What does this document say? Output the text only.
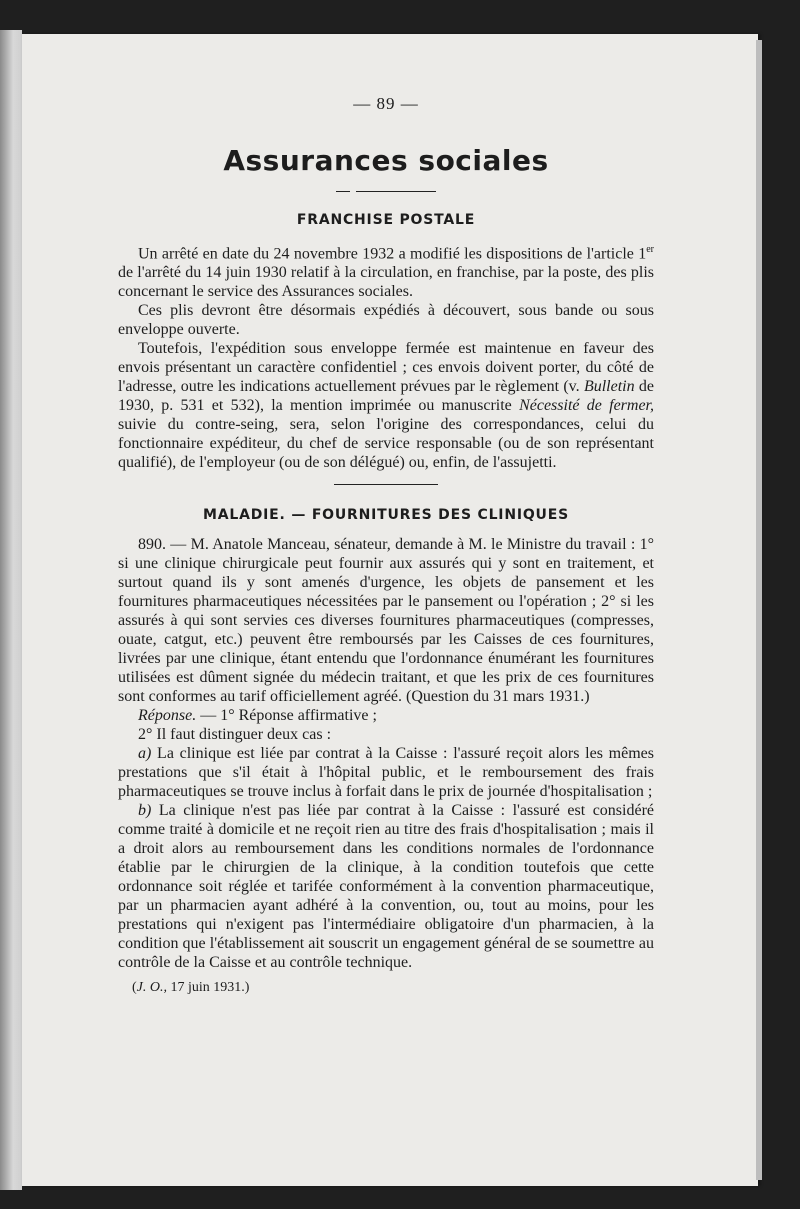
— 89 —
Assurances sociales
FRANCHISE POSTALE

Un arrêté en date du 24 novembre 1932 a modifié les dispositions de l'article 1er de l'arrêté du 14 juin 1930 relatif à la circulation, en franchise, par la poste, des plis concernant le service des Assurances sociales.

Ces plis devront être désormais expédiés à découvert, sous bande ou sous enveloppe ouverte.

Toutefois, l'expédition sous enveloppe fermée est maintenue en faveur des envois présentant un caractère confidentiel ; ces envois doivent porter, du côté de l'adresse, outre les indications actuellement prévues par le règlement (v. Bulletin de 1930, p. 531 et 532), la mention imprimée ou manuscrite Nécessité de fermer, suivie du contre-seing, sera, selon l'origine des correspondances, celui du fonctionnaire expéditeur, du chef de service responsable (ou de son représentant qualifié), de l'employeur (ou de son délégué) ou, enfin, de l'assujetti.

MALADIE. — FOURNITURES DES CLINIQUES

890. — M. Anatole Manceau, sénateur, demande à M. le Ministre du travail : 1° si une clinique chirurgicale peut fournir aux assurés qui y sont en traitement, et surtout quand ils y sont amenés d'urgence, les objets de pansement et les fournitures pharmaceutiques nécessitées par le pansement ou l'opération ; 2° si les assurés à qui sont servies ces diverses fournitures pharmaceutiques (compresses, ouate, catgut, etc.) peuvent être remboursés par les Caisses de ces fournitures, livrées par une clinique, étant entendu que l'ordonnance énumérant les fournitures utilisées est dûment signée du médecin traitant, et que les prix de ces fournitures sont conformes au tarif officiellement agréé. (Question du 31 mars 1931.)

Réponse. — 1° Réponse affirmative ;

2° Il faut distinguer deux cas :

a) La clinique est liée par contrat à la Caisse : l'assuré reçoit alors les mêmes prestations que s'il était à l'hôpital public, et le remboursement des frais pharmaceutiques se trouve inclus à forfait dans le prix de journée d'hospitalisation ;

b) La clinique n'est pas liée par contrat à la Caisse : l'assuré est considéré comme traité à domicile et ne reçoit rien au titre des frais d'hospitalisation ; mais il a droit alors au remboursement dans les conditions normales de l'ordonnance établie par le chirurgien de la clinique, à la condition toutefois que cette ordonnance soit réglée et tarifée conformément à la convention pharmaceutique, par un pharmacien ayant adhéré à la convention, ou, tout au moins, pour les prestations qui n'exigent pas l'intermédiaire obligatoire d'un pharmacien, à la condition que l'établissement ait souscrit un engagement général de se soumettre au contrôle de la Caisse et au contrôle technique.

(J. O., 17 juin 1931.)
